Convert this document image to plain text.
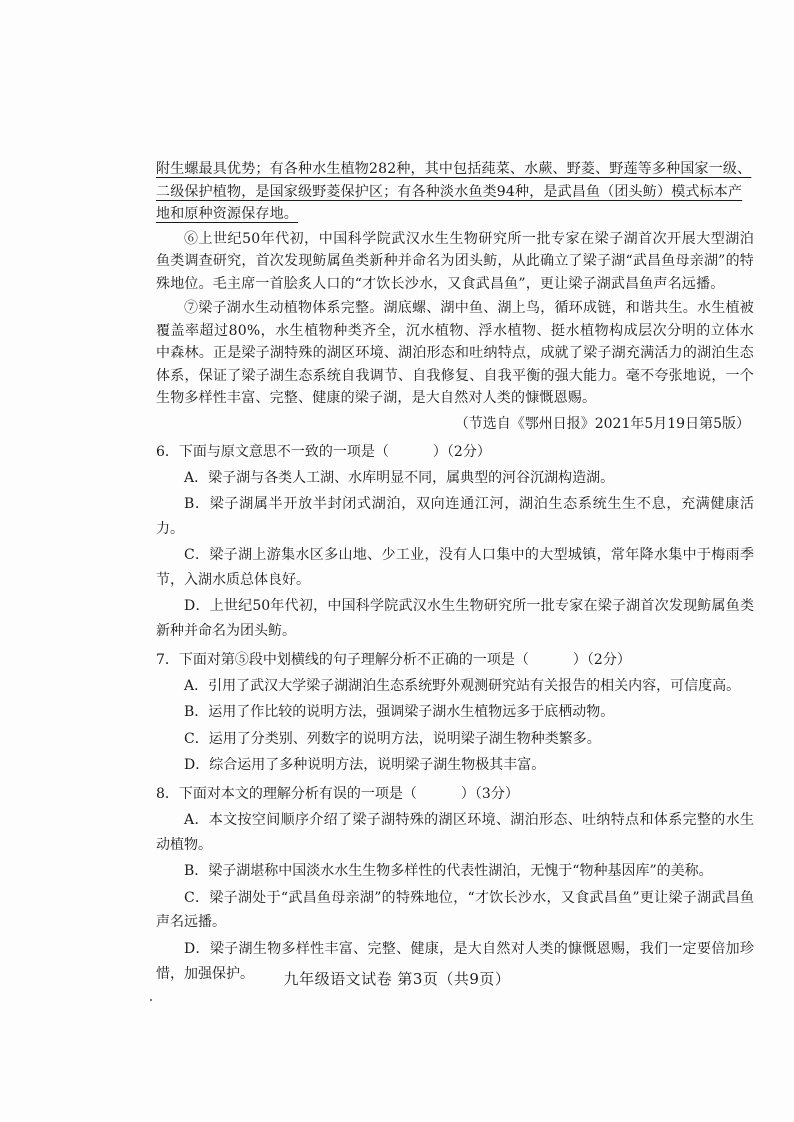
附生螺最具优势；有各种水生植物282种，其中包括莼菜、水蕨、野菱、野莲等多种国家一级、

二级保护植物，是国家级野菱保护区；有各种淡水鱼类94种，是武昌鱼（团头鲂）模式标本产

地和原种资源保存地。

⑥上世纪50年代初，中国科学院武汉水生生物研究所一批专家在梁子湖首次开展大型湖泊鱼类调查研究，首次发现鲂属鱼类新种并命名为团头鲂，从此确立了梁子湖“武昌鱼母亲湖”的特殊地位。毛主席一首脍炙人口的“才饮长沙水，又食武昌鱼”，更让梁子湖武昌鱼声名远播。

⑦梁子湖水生动植物体系完整。湖底螺、湖中鱼、湖上鸟，循环成链，和谐共生。水生植被覆盖率超过80%，水生植物种类齐全，沉水植物、浮水植物、挺水植物构成层次分明的立体水中森林。正是梁子湖特殊的湖区环境、湖泊形态和吐纳特点，成就了梁子湖充满活力的湖泊生态体系，保证了梁子湖生态系统自我调节、自我修复、自我平衡的强大能力。毫不夸张地说，一个生物多样性丰富、完整、健康的梁子湖，是大自然对人类的慷慨恩赐。

（节选自《鄂州日报》2021年5月19日第5版）

6．下面与原文意思不一致的一项是（	）（2分）

A．梁子湖与各类人工湖、水库明显不同，属典型的河谷沉湖构造湖。

B．梁子湖属半开放半封闭式湖泊，双向连通江河，湖泊生态系统生生不息，充满健康活力。

C．梁子湖上游集水区多山地、少工业，没有人口集中的大型城镇，常年降水集中于梅雨季节，入湖水质总体良好。

D．上世纪50年代初，中国科学院武汉水生生物研究所一批专家在梁子湖首次发现鲂属鱼类新种并命名为团头鲂。

7．下面对第⑤段中划横线的句子理解分析不正确的一项是（	）（2分）

A．引用了武汉大学梁子湖湖泊生态系统野外观测研究站有关报告的相关内容，可信度高。

B．运用了作比较的说明方法，强调梁子湖水生植物远多于底栖动物。

C．运用了分类别、列数字的说明方法，说明梁子湖生物种类繁多。

D．综合运用了多种说明方法，说明梁子湖生物极其丰富。

8．下面对本文的理解分析有误的一项是（	）（3分）

A．本文按空间顺序介绍了梁子湖特殊的湖区环境、湖泊形态、吐纳特点和体系完整的水生动植物。

B．梁子湖堪称中国淡水水生生物多样性的代表性湖泊，无愧于“物种基因库”的美称。

C．梁子湖处于“武昌鱼母亲湖”的特殊地位，“才饮长沙水，又食武昌鱼”更让梁子湖武昌鱼声名远播。

D．梁子湖生物多样性丰富、完整、健康，是大自然对人类的慷慨恩赐，我们一定要倍加珍惜，加强保护。	九年级语文试卷 第3页（共9页）
